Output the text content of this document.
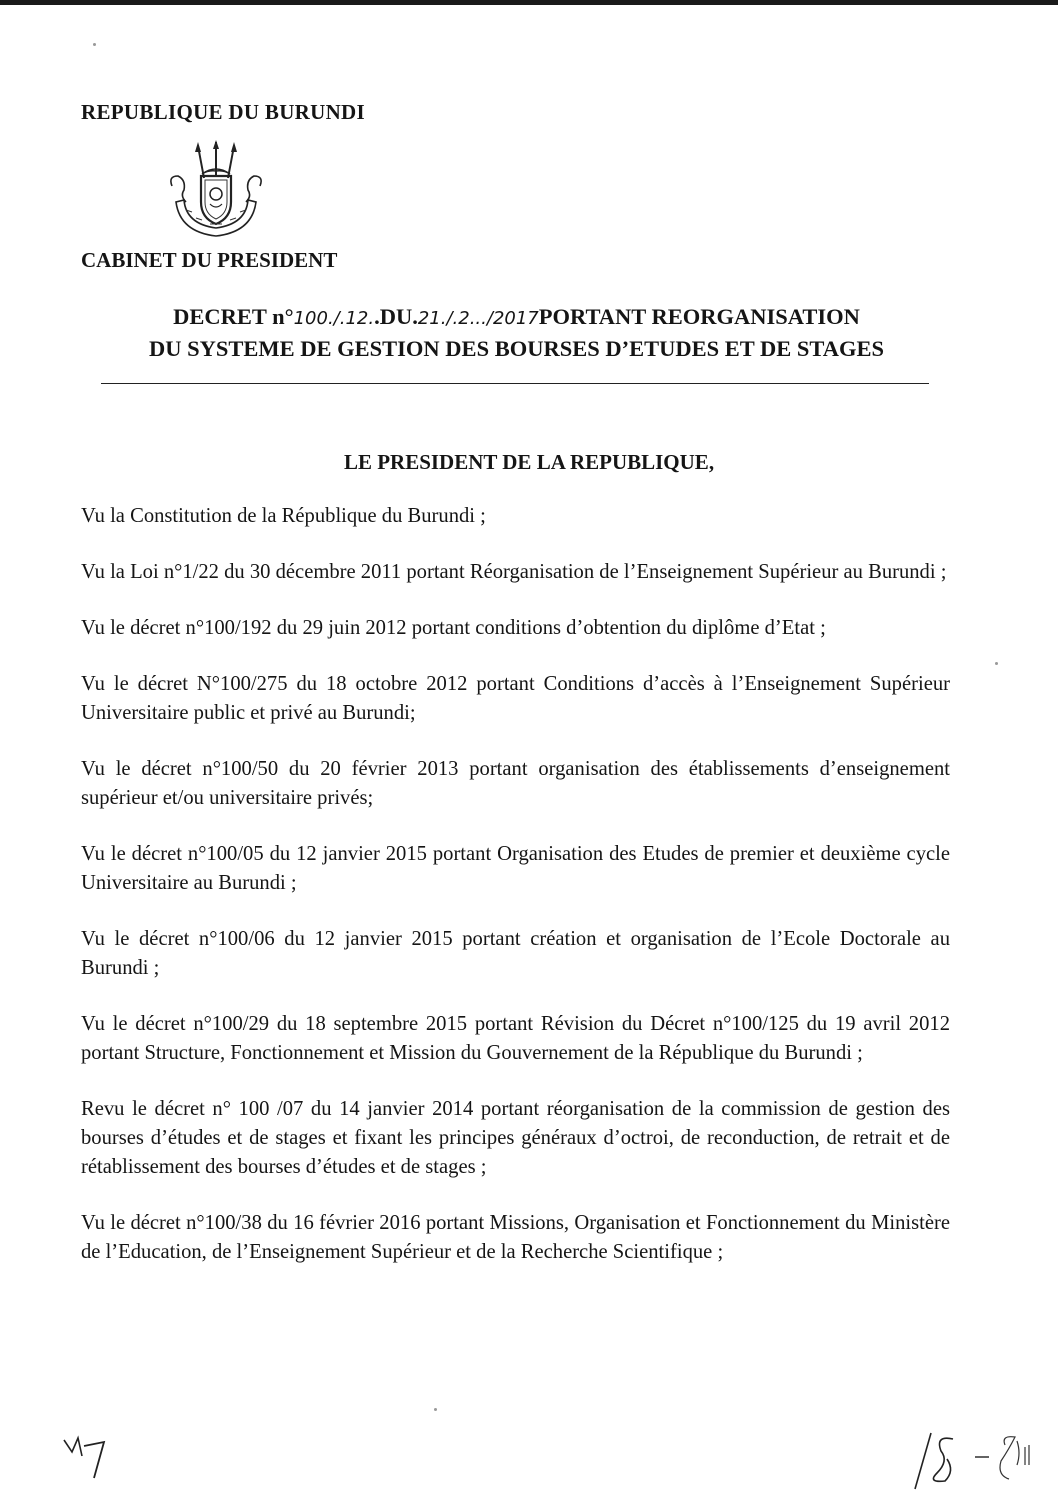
REPUBLIQUE DU BURUNDI

CABINET DU PRESIDENT

DECRET n°100./.12..DU.21./.2.../2017PORTANT REORGANISATION
DU SYSTEME DE GESTION DES BOURSES D’ETUDES ET DE STAGES

LE PRESIDENT DE LA REPUBLIQUE,

Vu la Constitution de la République du Burundi ;

Vu la Loi n°1/22 du 30 décembre 2011 portant Réorganisation de l’Enseignement Supérieur au Burundi ;

Vu le décret n°100/192 du 29 juin 2012 portant conditions d’obtention du diplôme d’Etat ;

Vu le décret N°100/275 du 18 octobre 2012 portant Conditions d’accès à l’Enseignement Supérieur Universitaire public et privé au Burundi;

Vu le décret n°100/50 du 20 février 2013 portant organisation des établissements d’enseignement supérieur et/ou universitaire privés;

Vu le décret n°100/05 du 12 janvier 2015 portant Organisation des Etudes de premier et deuxième cycle Universitaire au Burundi ;

Vu le décret n°100/06 du 12 janvier 2015 portant création et organisation de l’Ecole Doctorale au Burundi ;

Vu le décret n°100/29 du 18 septembre 2015 portant Révision du Décret n°100/125 du 19 avril 2012 portant Structure, Fonctionnement et Mission du Gouvernement de la République du Burundi ;

Revu le décret n° 100 /07 du 14 janvier 2014 portant réorganisation de la commission de gestion des bourses d’études et de stages et fixant les principes généraux d’octroi, de reconduction, de retrait et de rétablissement des bourses d’études et de stages ;

Vu le décret n°100/38 du 16 février 2016 portant Missions, Organisation et Fonctionnement du Ministère de l’Education, de l’Enseignement Supérieur et de la Recherche Scientifique ;
